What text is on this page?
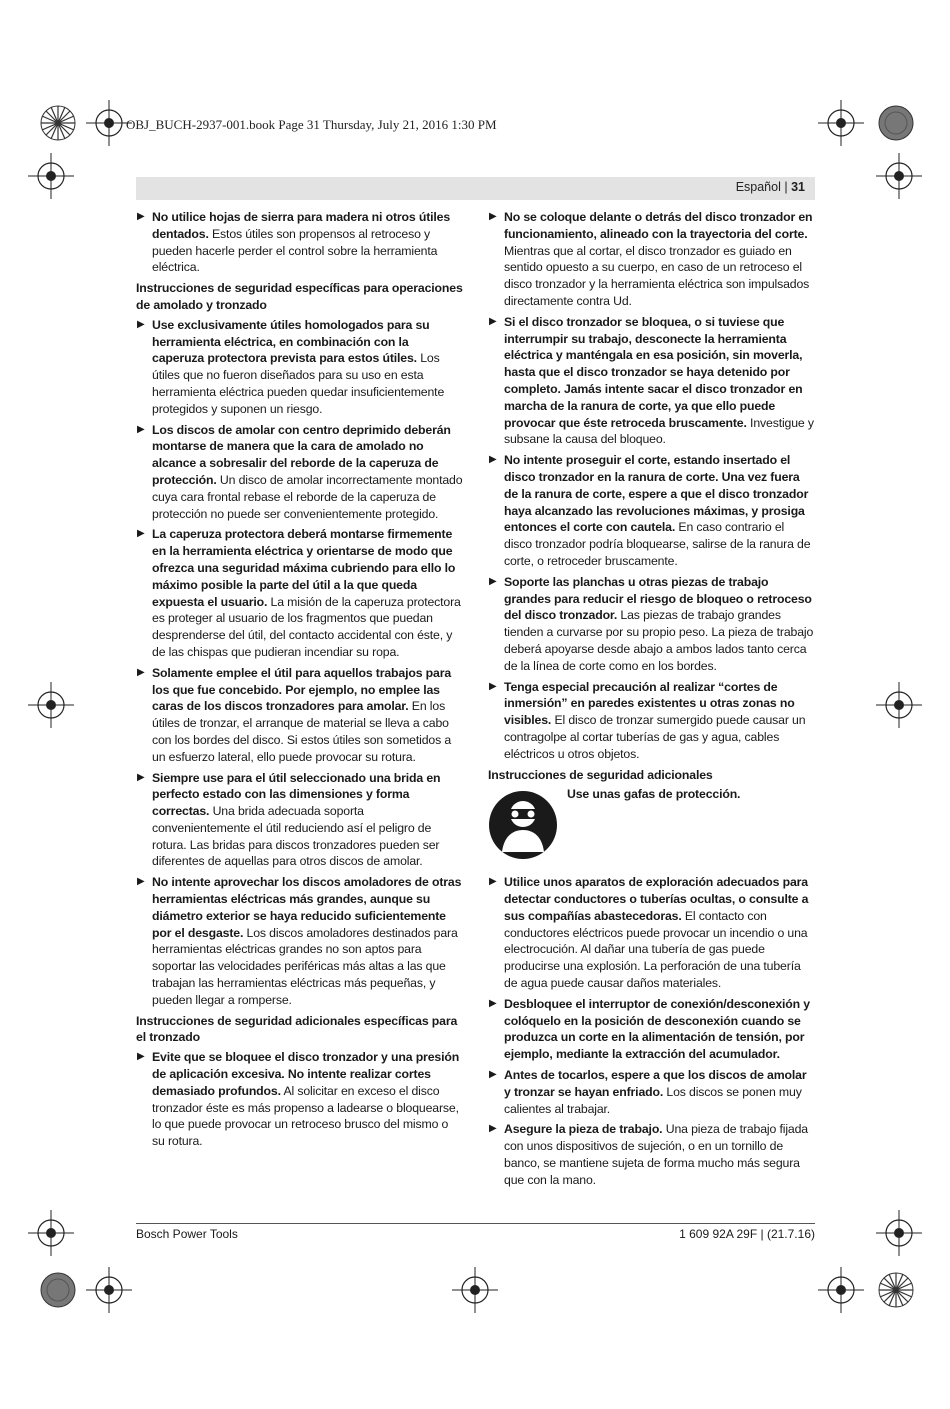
OBJ_BUCH-2937-001.book Page 31 Thursday, July 21, 2016 1:30 PM
Español | 31
▶ No utilice hojas de sierra para madera ni otros útiles dentados. Estos útiles son propensos al retroceso y pueden hacerle perder el control sobre la herramienta eléctrica.
Instrucciones de seguridad específicas para operaciones de amolado y tronzado
▶ Use exclusivamente útiles homologados para su herramienta eléctrica, en combinación con la caperuza protectora prevista para estos útiles. Los útiles que no fueron diseñados para su uso en esta herramienta eléctrica pueden quedar insuficientemente protegidos y suponen un riesgo.
▶ Los discos de amolar con centro deprimido deberán montarse de manera que la cara de amolado no alcance a sobresalir del reborde de la caperuza de protección. Un disco de amolar incorrectamente montado cuya cara frontal rebase el reborde de la caperuza de protección no puede ser convenientemente protegido.
▶ La caperuza protectora deberá montarse firmemente en la herramienta eléctrica y orientarse de modo que ofrezca una seguridad máxima cubriendo para ello lo máximo posible la parte del útil a la que queda expuesta el usuario. La misión de la caperuza protectora es proteger al usuario de los fragmentos que puedan desprenderse del útil, del contacto accidental con éste, y de las chispas que pudieran incendiar su ropa.
▶ Solamente emplee el útil para aquellos trabajos para los que fue concebido. Por ejemplo, no emplee las caras de los discos tronzadores para amolar. En los útiles de tronzar, el arranque de material se lleva a cabo con los bordes del disco. Si estos útiles son sometidos a un esfuerzo lateral, ello puede provocar su rotura.
▶ Siempre use para el útil seleccionado una brida en perfecto estado con las dimensiones y forma correctas. Una brida adecuada soporta convenientemente el útil reduciendo así el peligro de rotura. Las bridas para discos tronzadores pueden ser diferentes de aquellas para otros discos de amolar.
▶ No intente aprovechar los discos amoladores de otras herramientas eléctricas más grandes, aunque su diámetro exterior se haya reducido suficientemente por el desgaste. Los discos amoladores destinados para herramientas eléctricas grandes no son aptos para soportar las velocidades periféricas más altas a las que trabajan las herramientas eléctricas más pequeñas, y pueden llegar a romperse.
Instrucciones de seguridad adicionales específicas para el tronzado
▶ Evite que se bloquee el disco tronzador y una presión de aplicación excesiva. No intente realizar cortes demasiado profundos. Al solicitar en exceso el disco tronzador éste es más propenso a ladearse o bloquearse, lo que puede provocar un retroceso brusco del mismo o su rotura.
▶ No se coloque delante o detrás del disco tronzador en funcionamiento, alineado con la trayectoria del corte. Mientras que al cortar, el disco tronzador es guiado en sentido opuesto a su cuerpo, en caso de un retroceso el disco tronzador y la herramienta eléctrica son impulsados directamente contra Ud.
▶ Si el disco tronzador se bloquea, o si tuviese que interrumpir su trabajo, desconecte la herramienta eléctrica y manténgala en esa posición, sin moverla, hasta que el disco tronzador se haya detenido por completo. Jamás intente sacar el disco tronzador en marcha de la ranura de corte, ya que ello puede provocar que éste retroceda bruscamente. Investigue y subsane la causa del bloqueo.
▶ No intente proseguir el corte, estando insertado el disco tronzador en la ranura de corte. Una vez fuera de la ranura de corte, espere a que el disco tronzador haya alcanzado las revoluciones máximas, y prosiga entonces el corte con cautela. En caso contrario el disco tronzador podría bloquearse, salirse de la ranura de corte, o retroceder bruscamente.
▶ Soporte las planchas u otras piezas de trabajo grandes para reducir el riesgo de bloqueo o retroceso del disco tronzador. Las piezas de trabajo grandes tienden a curvarse por su propio peso. La pieza de trabajo deberá apoyarse desde abajo a ambos lados tanto cerca de la línea de corte como en los bordes.
▶ Tenga especial precaución al realizar “cortes de inmersión” en paredes existentes u otras zonas no visibles. El disco de tronzar sumergido puede causar un contragolpe al cortar tuberías de gas y agua, cables eléctricos u otros objetos.
Instrucciones de seguridad adicionales
Use unas gafas de protección.
▶ Utilice unos aparatos de exploración adecuados para detectar conductores o tuberías ocultas, o consulte a sus compañías abastecedoras. El contacto con conductores eléctricos puede provocar un incendio o una electrocución. Al dañar una tubería de gas puede producirse una explosión. La perforación de una tubería de agua puede causar daños materiales.
▶ Desbloquee el interruptor de conexión/desconexión y colóquelo en la posición de desconexión cuando se produzca un corte en la alimentación de tensión, por ejemplo, mediante la extracción del acumulador.
▶ Antes de tocarlos, espere a que los discos de amolar y tronzar se hayan enfriado. Los discos se ponen muy calientes al trabajar.
▶ Asegure la pieza de trabajo. Una pieza de trabajo fijada con unos dispositivos de sujeción, o en un tornillo de banco, se mantiene sujeta de forma mucho más segura que con la mano.
Bosch Power Tools	1 609 92A 29F | (21.7.16)
